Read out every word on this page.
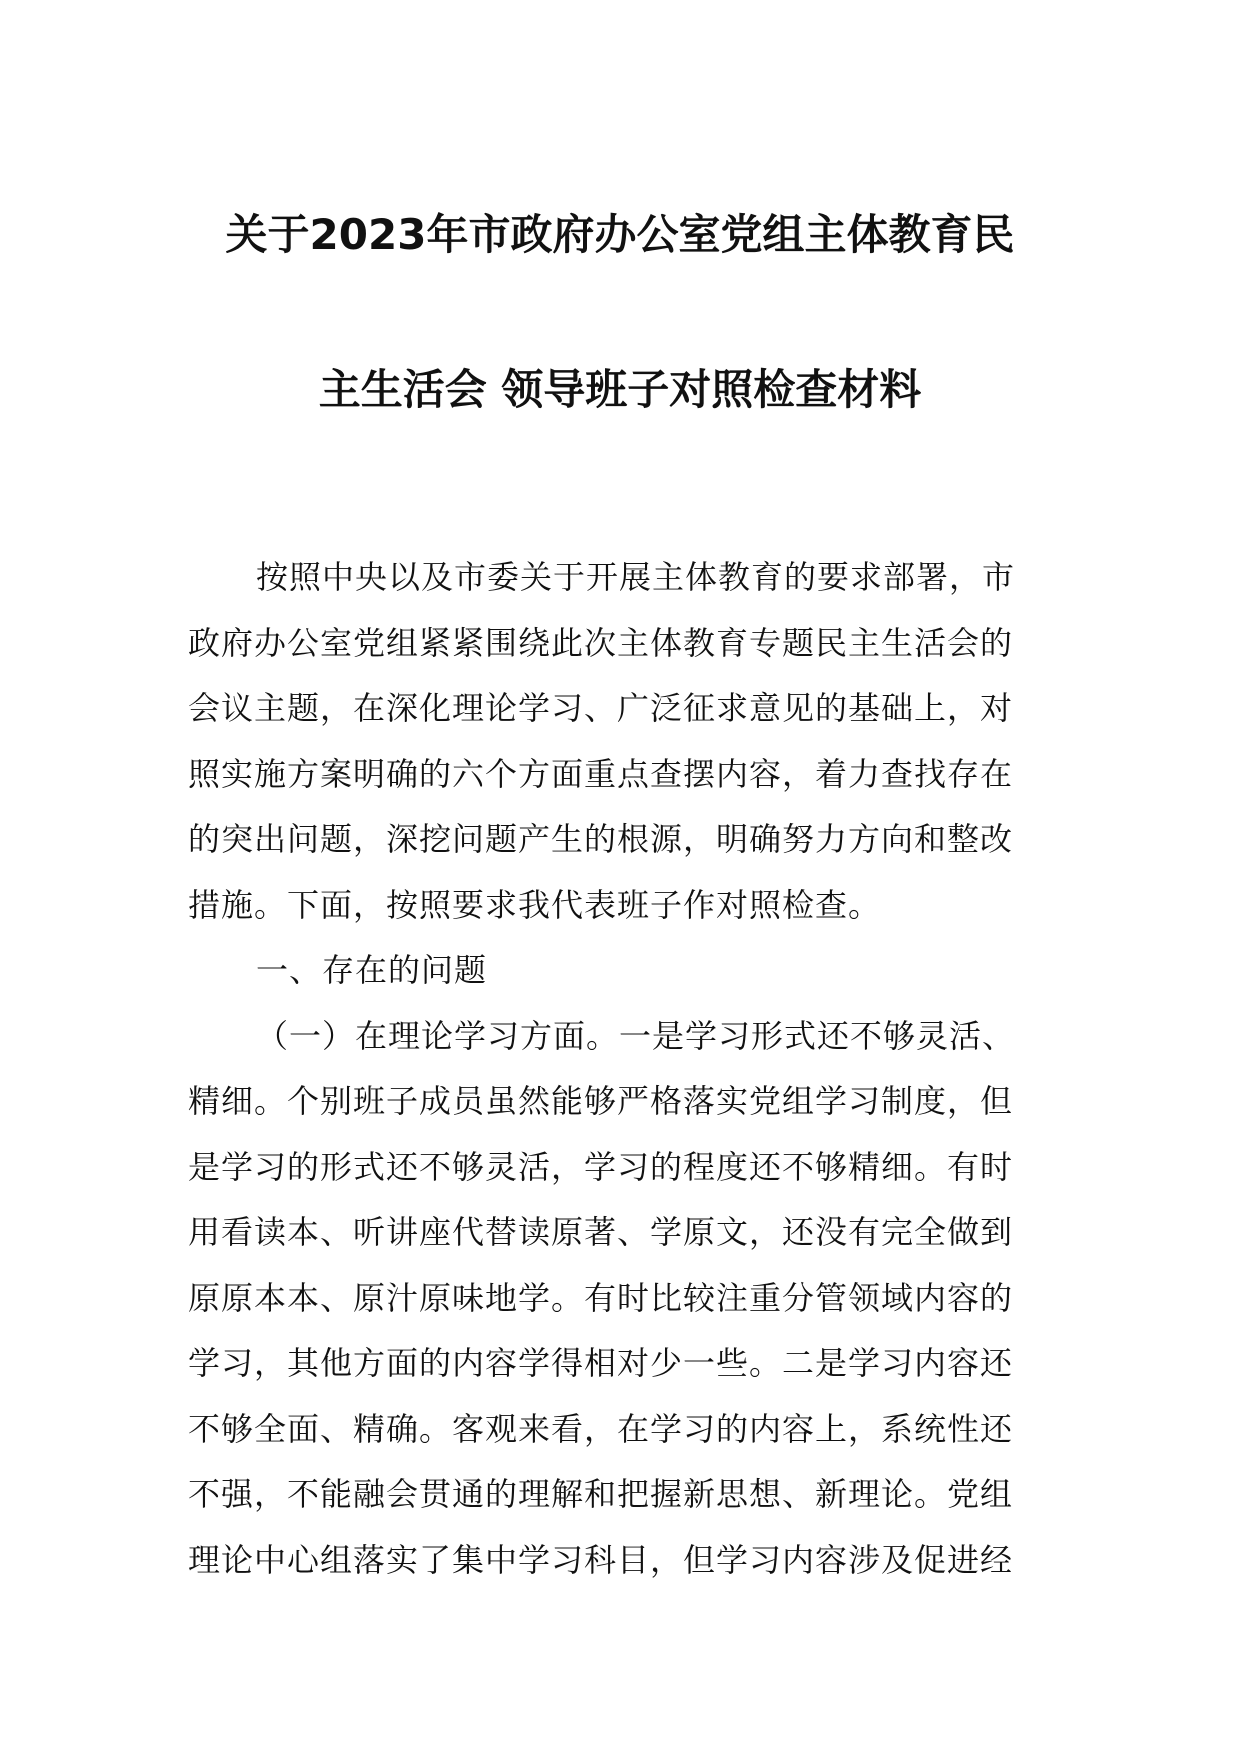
关于2023年市政府办公室党组主体教育民
主生活会 领导班子对照检查材料
按照中央以及市委关于开展主体教育的要求部署，市
政府办公室党组紧紧围绕此次主体教育专题民主生活会的
会议主题，在深化理论学习、广泛征求意见的基础上，对
照实施方案明确的六个方面重点查摆内容，着力查找存在
的突出问题，深挖问题产生的根源，明确努力方向和整改
措施。下面，按照要求我代表班子作对照检查。
一、存在的问题
（一）在理论学习方面。一是学习形式还不够灵活、
精细。个别班子成员虽然能够严格落实党组学习制度，但
是学习的形式还不够灵活，学习的程度还不够精细。有时
用看读本、听讲座代替读原著、学原文，还没有完全做到
原原本本、原汁原味地学。有时比较注重分管领域内容的
学习，其他方面的内容学得相对少一些。二是学习内容还
不够全面、精确。客观来看，在学习的内容上，系统性还
不强，不能融会贯通的理解和把握新思想、新理论。党组
理论中心组落实了集中学习科目，但学习内容涉及促进经
